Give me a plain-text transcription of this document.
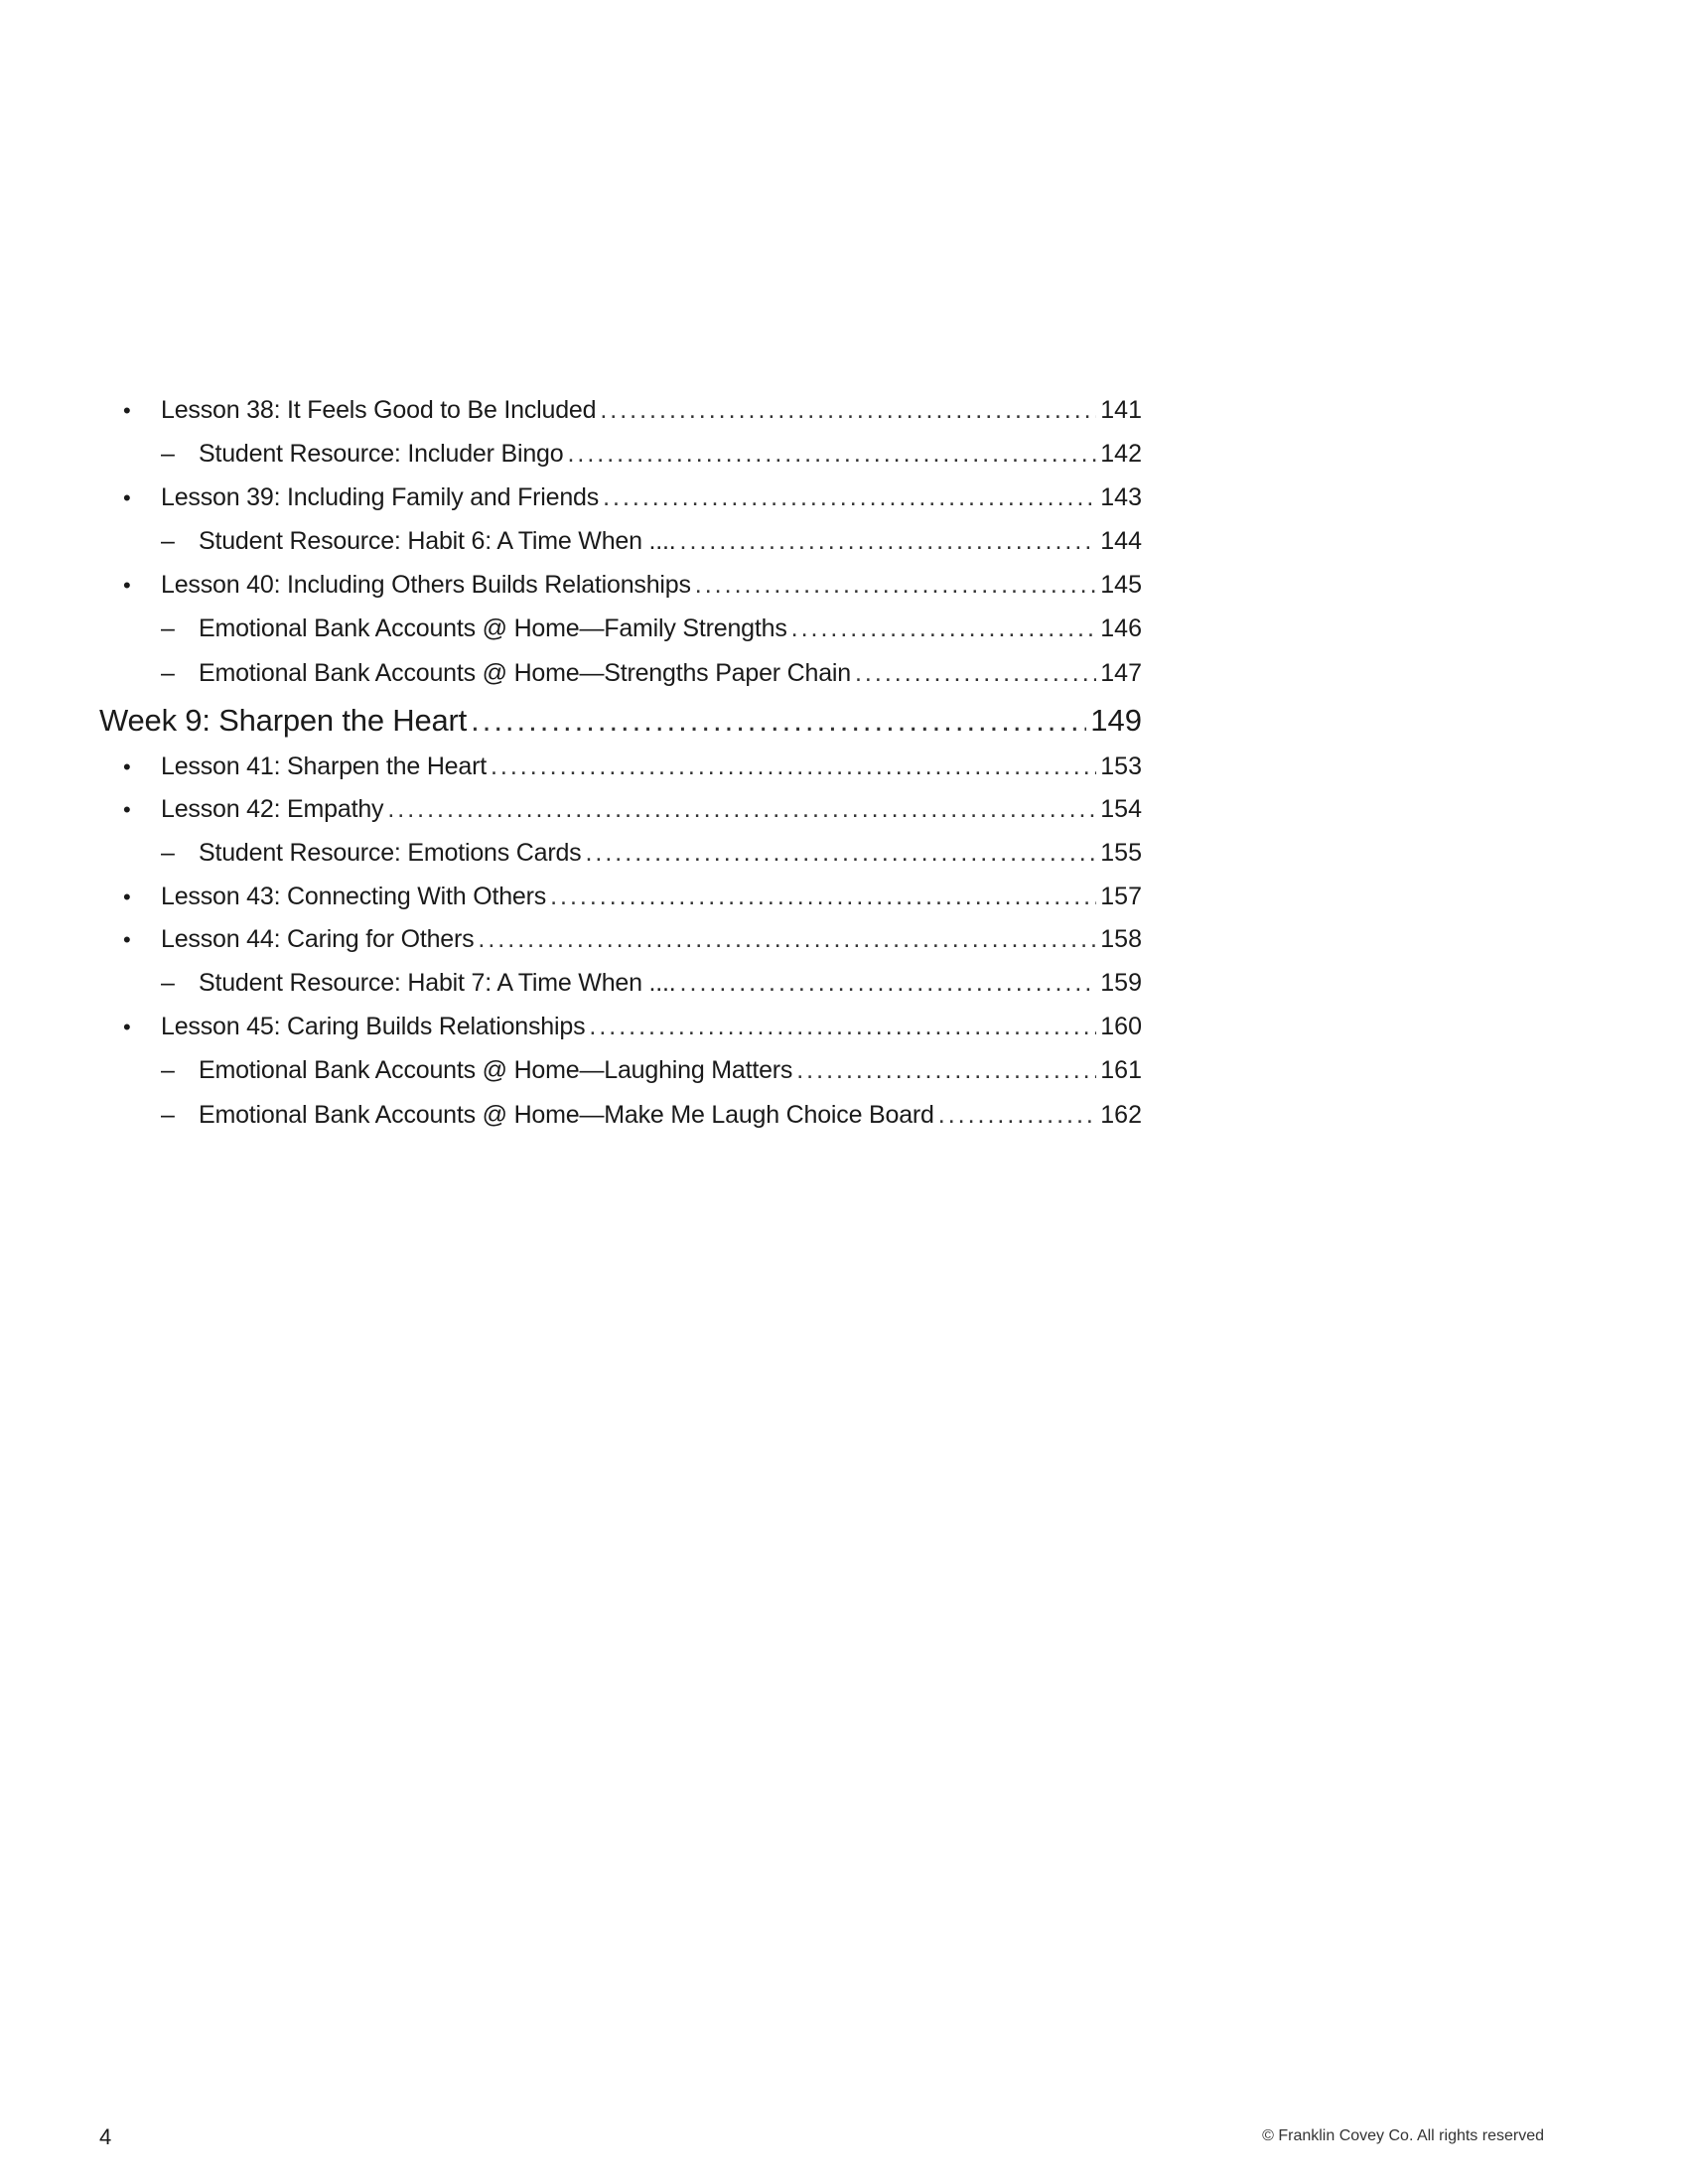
• Lesson 38: It Feels Good to Be Included .....	141
– Student Resource: Includer Bingo .....	142
• Lesson 39: Including Family and Friends .....	143
– Student Resource: Habit 6: A Time When .... .....	144
• Lesson 40: Including Others Builds Relationships .....	145
– Emotional Bank Accounts @ Home—Family Strengths .....	146
– Emotional Bank Accounts @ Home—Strengths Paper Chain .....	147
Week 9: Sharpen the Heart .....	149
• Lesson 41: Sharpen the Heart .....	153
• Lesson 42: Empathy .....	154
– Student Resource: Emotions Cards .....	155
• Lesson 43: Connecting With Others .....	157
• Lesson 44: Caring for Others .....	158
– Student Resource: Habit 7: A Time When .... .....	159
• Lesson 45: Caring Builds Relationships .....	160
– Emotional Bank Accounts @ Home—Laughing Matters .....	161
– Emotional Bank Accounts @ Home—Make Me Laugh Choice Board .....	162
4	© Franklin Covey Co. All rights reserved
